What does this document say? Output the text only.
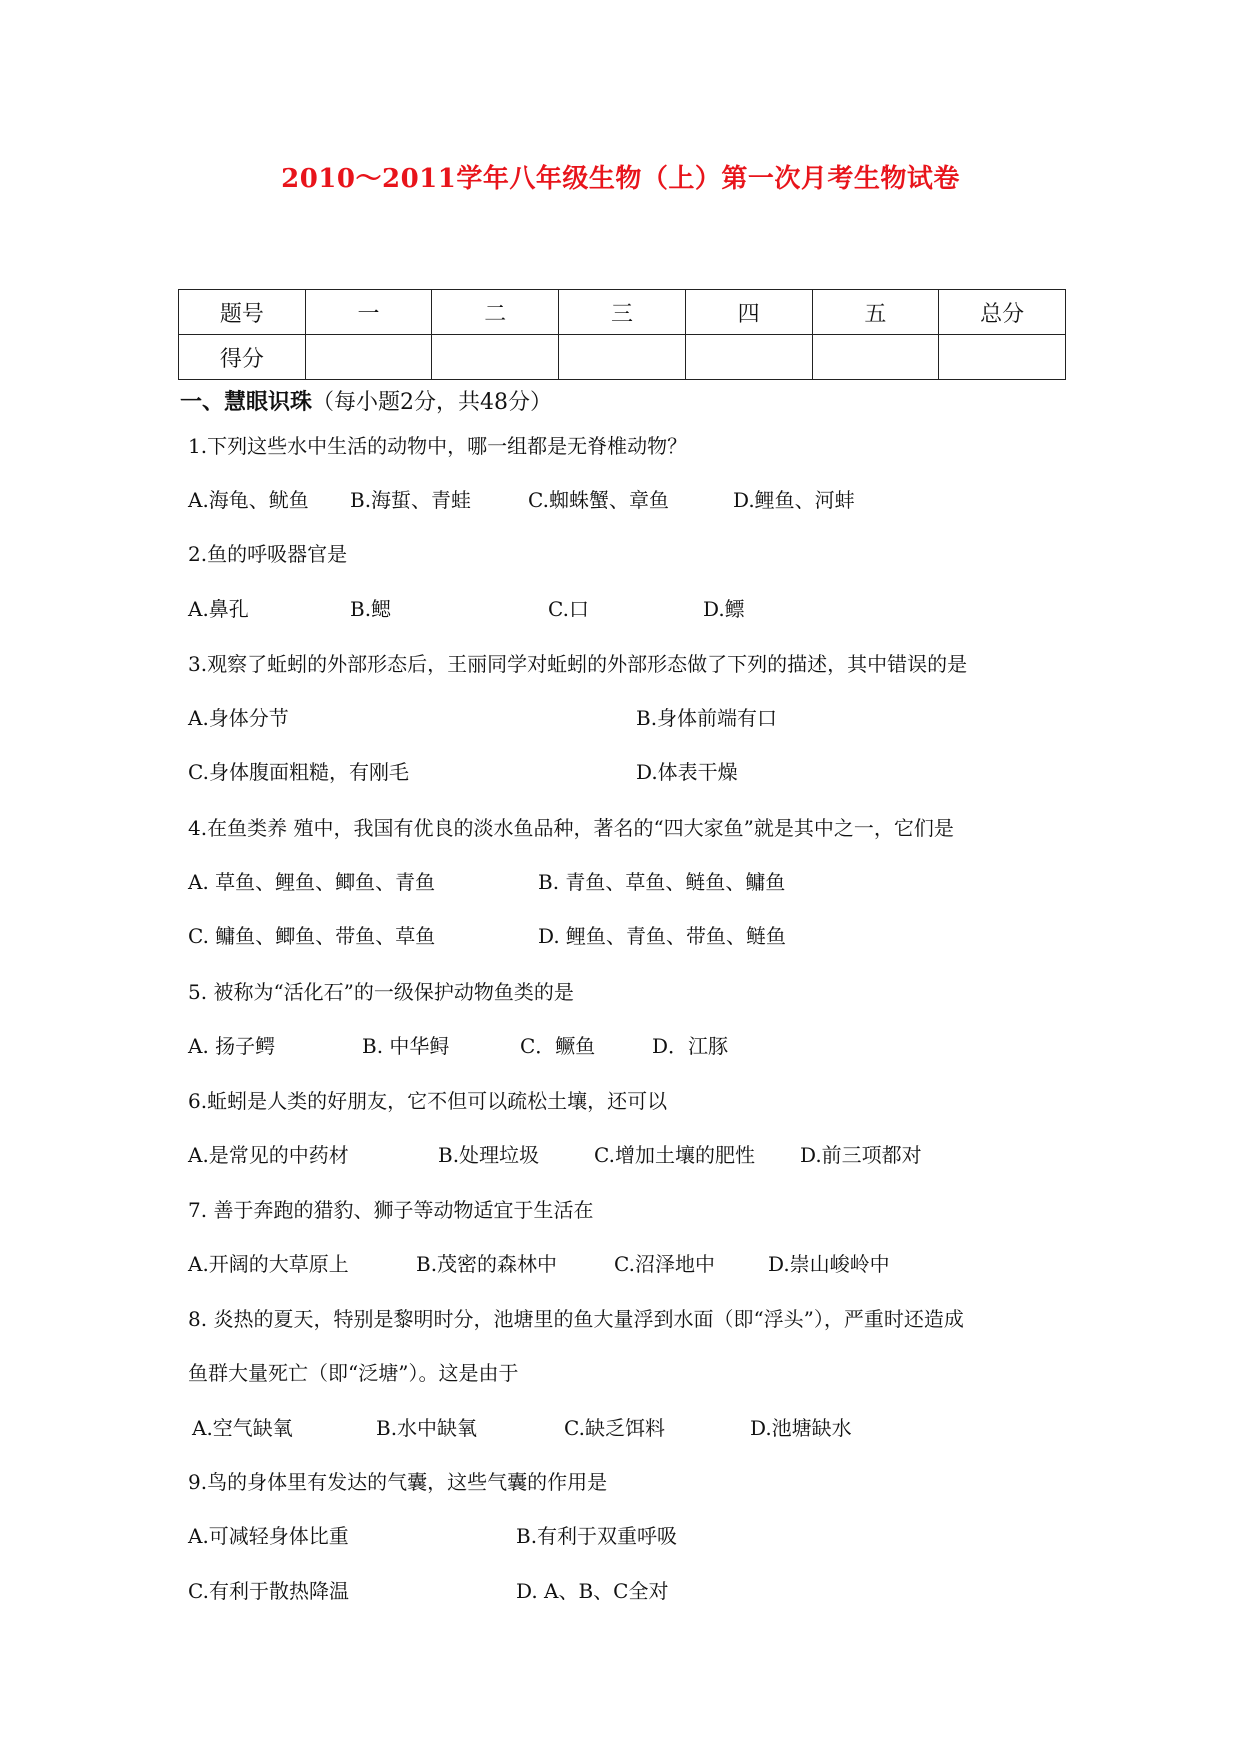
2010～2011学年八年级生物（上）第一次月考生物试卷
题号	一	二	三	四	五	总分
得分						
一、慧眼识珠（每小题2分，共48分）
1.下列这些水中生活的动物中，哪一组都是无脊椎动物？
A.海龟、鱿鱼 B.海蜇、青蛙	C.蜘蛛蟹、章鱼	D.鲤鱼、河蚌
2.鱼的呼吸器官是
A.鼻孔	B.鳃	C.口	D.鳔
3.观察了蚯蚓的外部形态后，王丽同学对蚯蚓的外部形态做了下列的描述，其中错误的是
A.身体分节	B.身体前端有口
C.身体腹面粗糙，有刚毛	D.体表干燥
4.在鱼类养 殖中，我国有优良的淡水鱼品种，著名的“四大家鱼”就是其中之一，它们是
A. 草鱼、鲤鱼、鲫鱼、青鱼	B. 青鱼、草鱼、鲢鱼、鳙鱼
C. 鳙鱼、鲫鱼、带鱼、草鱼	D. 鲤鱼、青鱼、带鱼、鲢鱼
5. 被称为“活化石”的一级保护动物鱼类的是
A. 扬子鳄	B. 中华鲟	C．鳜鱼	D．江豚
6.蚯蚓是人类的好朋友，它不但可以疏松土壤，还可以
A.是常见的中药材	B.处理垃圾	C.增加土壤的肥性 D.前三项都对
7. 善于奔跑的猎豹、狮子等动物适宜于生活在
A.开阔的大草原上	B.茂密的森林中	C.沼泽地中	D.崇山峻岭中
8. 炎热的夏天，特别是黎明时分，池塘里的鱼大量浮到水面（即“浮头”），严重时还造成
鱼群大量死亡（即“泛塘”）。这是由于
A.空气缺氧	B.水中缺氧	C.缺乏饵料	D.池塘缺水
9.鸟的身体里有发达的气囊，这些气囊的作用是
A.可减轻身体比重	B.有利于双重呼吸
C.有利于散热降温	D. A、B、C全对
